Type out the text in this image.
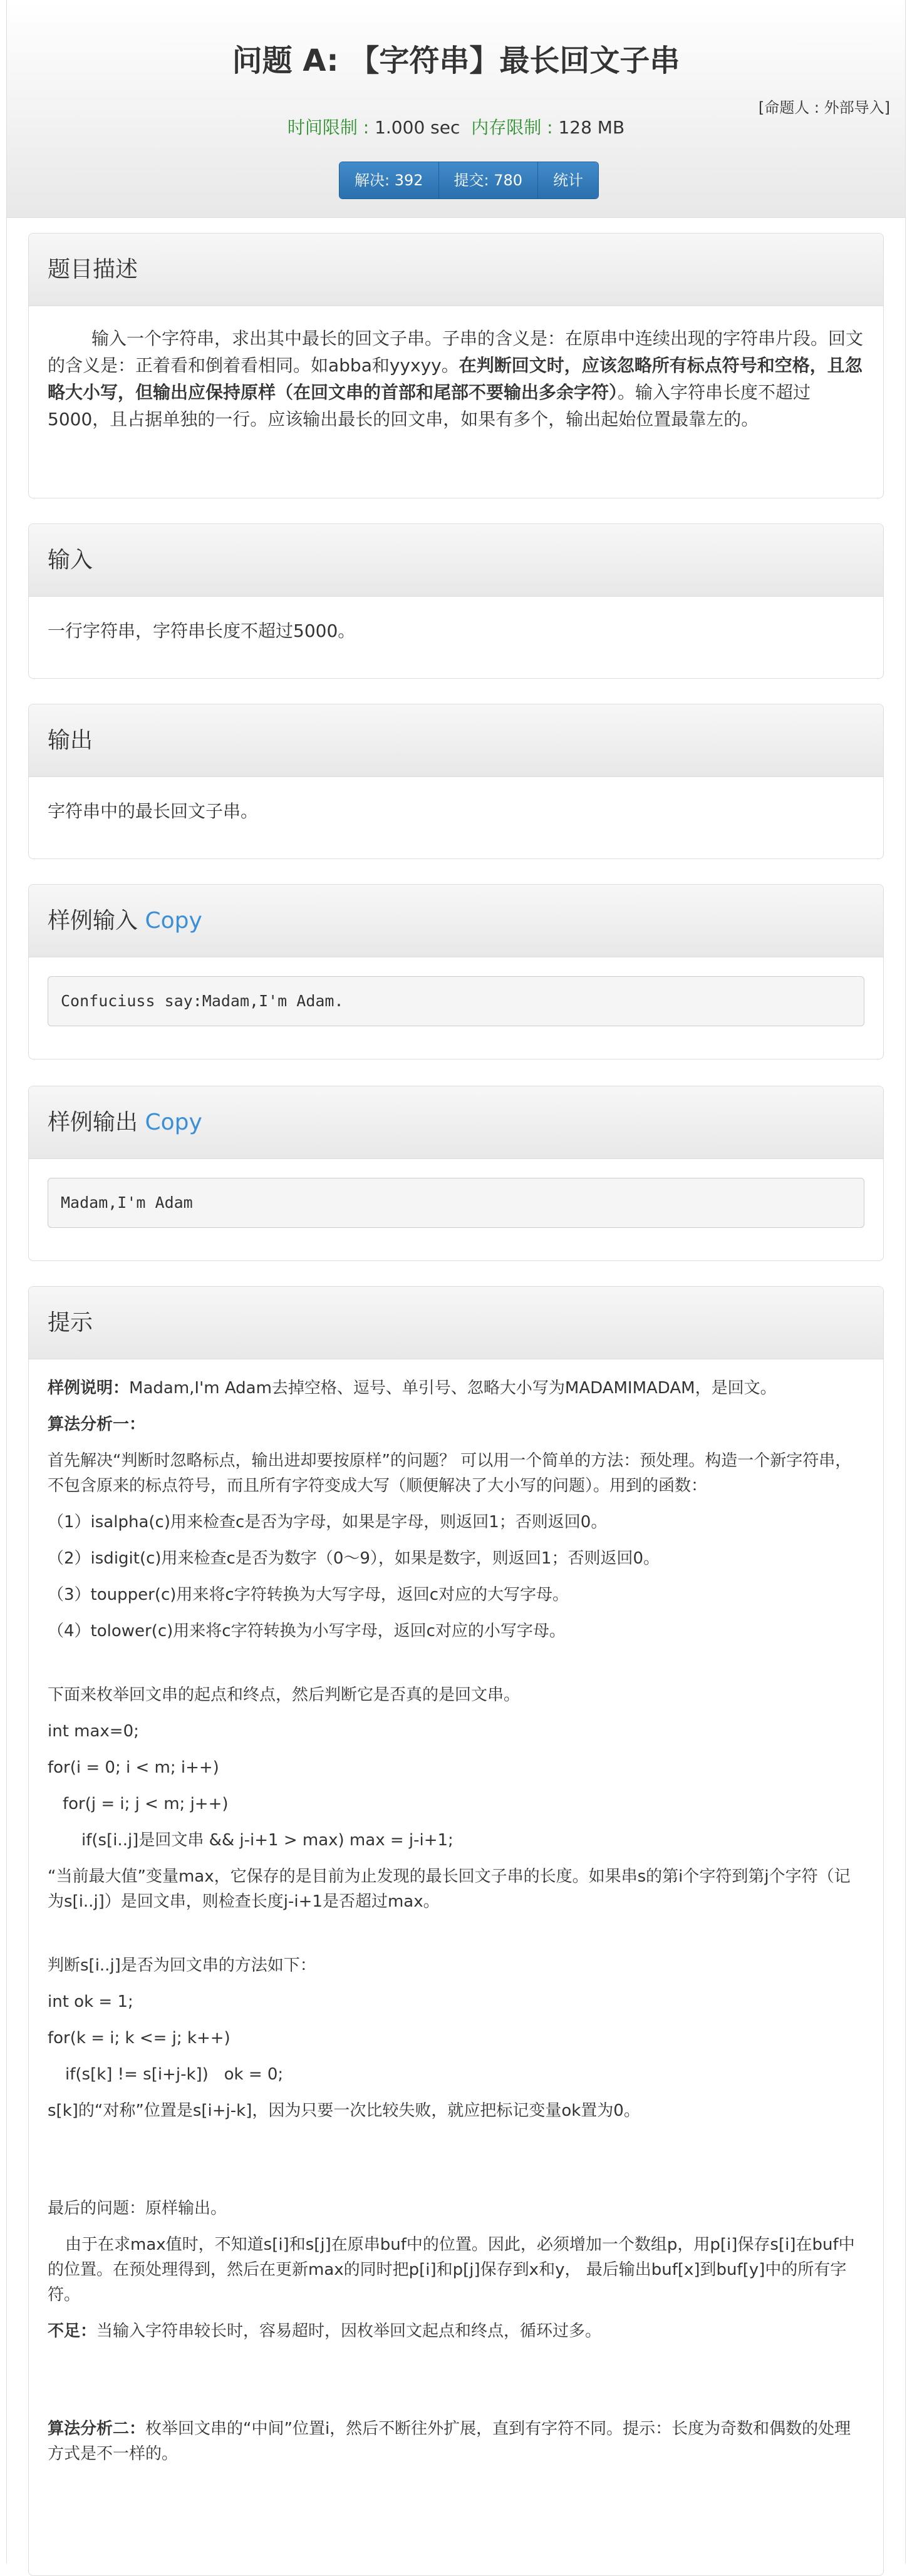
问题 A: 【字符串】最长回文子串
[命题人 : 外部导入]
时间限制 : 1.000 sec 内存限制 : 128 MB
解决: 392	提交: 780	统计
题目描述

输入一个字符串，求出其中最长的回文子串。子串的含义是：在原串中连续出现的字符串片段。回文的含义是：正着看和倒着看相同。如abba和yyxyy。在判断回文时，应该忽略所有标点符号和空格，且忽略大小写，但输出应保持原样（在回文串的首部和尾部不要输出多余字符）。输入字符串长度不超过5000，且占据单独的一行。应该输出最长的回文串，如果有多个，输出起始位置最靠左的。

输入

一行字符串，字符串长度不超过5000。

输出

字符串中的最长回文子串。

样例输入 Copy
Confuciuss say:Madam,I'm Adam.
样例输出 Copy
Madam,I'm Adam
提示

样例说明：Madam,I'm Adam去掉空格、逗号、单引号、忽略大小写为MADAMIMADAM，是回文。

算法分析一：

首先解决“判断时忽略标点，输出进却要按原样”的问题？ 可以用一个简单的方法：预处理。构造一个新字符串，不包含原来的标点符号，而且所有字符变成大写（顺便解决了大小写的问题）。用到的函数：

（1）isalpha(c)用来检查c是否为字母，如果是字母，则返回1；否则返回0。

（2）isdigit(c)用来检查c是否为数字（0～9），如果是数字，则返回1；否则返回0。

（3）toupper(c)用来将c字符转换为大写字母，返回c对应的大写字母。

（4）tolower(c)用来将c字符转换为小写字母，返回c对应的小写字母。

下面来枚举回文串的起点和终点，然后判断它是否真的是回文串。

int max=0;

for(i = 0; i < m; i++)

for(j = i; j < m; j++)

if(s[i..j]是回文串 && j-i+1 > max) max = j-i+1;

“当前最大值”变量max，它保存的是目前为止发现的最长回文子串的长度。如果串s的第i个字符到第j个字符（记为s[i..j]）是回文串，则检查长度j-i+1是否超过max。

判断s[i..j]是否为回文串的方法如下：

int ok = 1;

for(k = i; k <= j; k++)

if(s[k] != s[i+j-k])   ok = 0;

s[k]的“对称”位置是s[i+j-k]，因为只要一次比较失败，就应把标记变量ok置为0。

最后的问题：原样输出。

由于在求max值时，不知道s[i]和s[j]在原串buf中的位置。因此，必须增加一个数组p，用p[i]保存s[i]在buf中的位置。在预处理得到，然后在更新max的同时把p[i]和p[j]保存到x和y， 最后输出buf[x]到buf[y]中的所有字符。

不足：当输入字符串较长时，容易超时，因枚举回文起点和终点，循环过多。

算法分析二：枚举回文串的“中间”位置i，然后不断往外扩展，直到有字符不同。提示：长度为奇数和偶数的处理方式是不一样的。
